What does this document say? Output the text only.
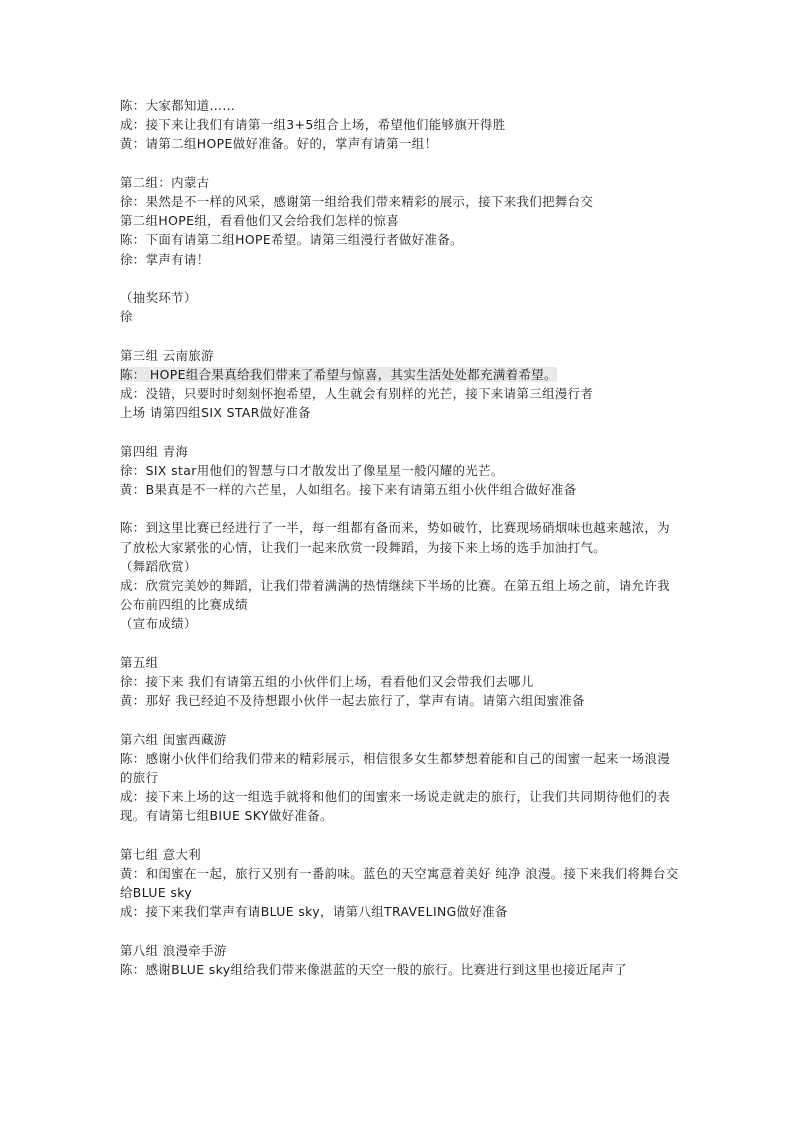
陈：大家都知道……
成：接下来让我们有请第一组3+5组合上场，希望他们能够旗开得胜
黄：请第二组HOPE做好准备。好的，掌声有请第一组！
第二组：内蒙古
徐：果然是不一样的风采，感谢第一组给我们带来精彩的展示，接下来我们把舞台交
第二组HOPE组，看看他们又会给我们怎样的惊喜
陈：下面有请第二组HOPE希望。请第三组漫行者做好准备。
徐：掌声有请！
（抽奖环节）
徐
第三组 云南旅游
陈： HOPE组合果真给我们带来了希望与惊喜，其实生活处处都充满着希望。
成：没错，只要时时刻刻怀抱希望，人生就会有别样的光芒，接下来请第三组漫行者
上场 请第四组SIX STAR做好准备
第四组 青海
徐：SIX star用他们的智慧与口才散发出了像星星一般闪耀的光芒。
黄：B果真是不一样的六芒星，人如组名。接下来有请第五组小伙伴组合做好准备
陈：到这里比赛已经进行了一半，每一组都有备而来，势如破竹，比赛现场硝烟味也越来越浓，为了放松大家紧张的心情，让我们一起来欣赏一段舞蹈，为接下来上场的选手加油打气。
（舞蹈欣赏）
成：欣赏完美妙的舞蹈，让我们带着满满的热情继续下半场的比赛。在第五组上场之前，请允许我公布前四组的比赛成绩
（宣布成绩）
第五组
徐：接下来 我们有请第五组的小伙伴们上场，看看他们又会带我们去哪儿
黄：那好 我已经迫不及待想跟小伙伴一起去旅行了，掌声有请。请第六组闺蜜准备
第六组 闺蜜西藏游
陈：感谢小伙伴们给我们带来的精彩展示，相信很多女生都梦想着能和自己的闺蜜一起来一场浪漫的旅行
成：接下来上场的这一组选手就将和他们的闺蜜来一场说走就走的旅行，让我们共同期待他们的表现。有请第七组BIUE SKY做好准备。
第七组 意大利
黄：和闺蜜在一起，旅行又别有一番韵味。蓝色的天空寓意着美好 纯净 浪漫。接下来我们将舞台交给BLUE sky
成：接下来我们掌声有请BLUE sky，请第八组TRAVELING做好准备
第八组 浪漫牵手游
陈：感谢BLUE sky组给我们带来像湛蓝的天空一般的旅行。比赛进行到这里也接近尾声了
